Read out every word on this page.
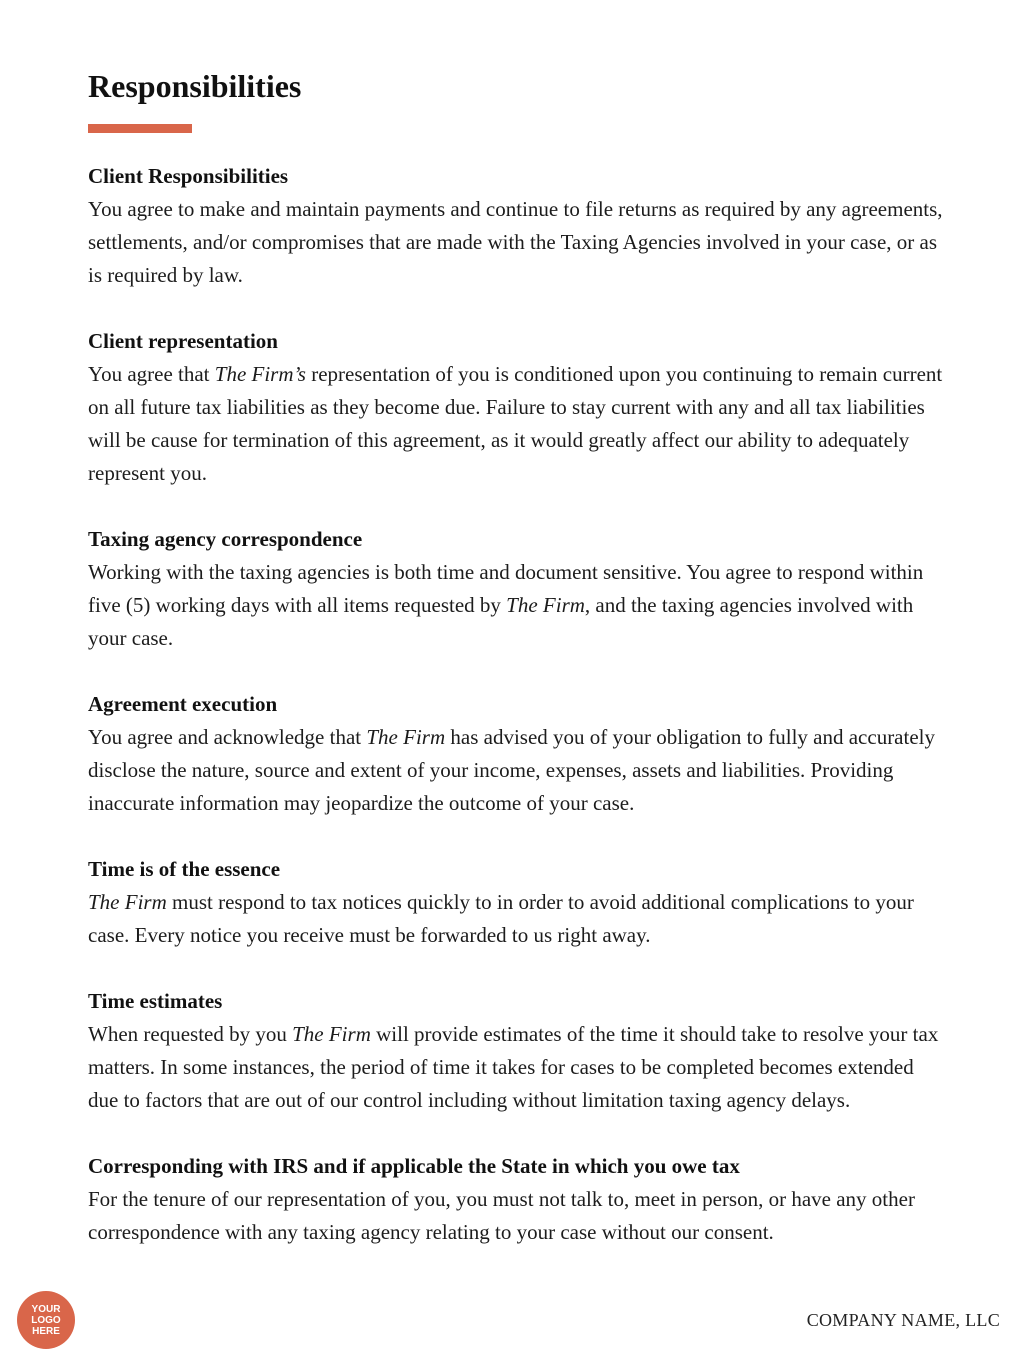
Responsibilities
Client Responsibilities

You agree to make and maintain payments and continue to file returns as required by any agreements, settlements, and/or compromises that are made with the Taxing Agencies involved in your case, or as is required by law.

Client representation

You agree that The Firm’s representation of you is conditioned upon you continuing to remain current on all future tax liabilities as they become due. Failure to stay current with any and all tax liabilities will be cause for termination of this agreement, as it would greatly affect our ability to adequately represent you.

Taxing agency correspondence

Working with the taxing agencies is both time and document sensitive. You agree to respond within five (5) working days with all items requested by The Firm, and the taxing agencies involved with your case.

Agreement execution

You agree and acknowledge that The Firm has advised you of your obligation to fully and accurately disclose the nature, source and extent of your income, expenses, assets and liabilities. Providing inaccurate information may jeopardize the outcome of your case.

Time is of the essence

The Firm must respond to tax notices quickly to in order to avoid additional complications to your case. Every notice you receive must be forwarded to us right away.

Time estimates

When requested by you The Firm will provide estimates of the time it should take to resolve your tax matters. In some instances, the period of time it takes for cases to be completed becomes extended due to factors that are out of our control including without limitation taxing agency delays.

Corresponding with IRS and if applicable the State in which you owe tax

For the tenure of our representation of you, you must not talk to, meet in person, or have any other correspondence with any taxing agency relating to your case without our consent.

YOUR
LOGO
HERE
COMPANY NAME, LLC
